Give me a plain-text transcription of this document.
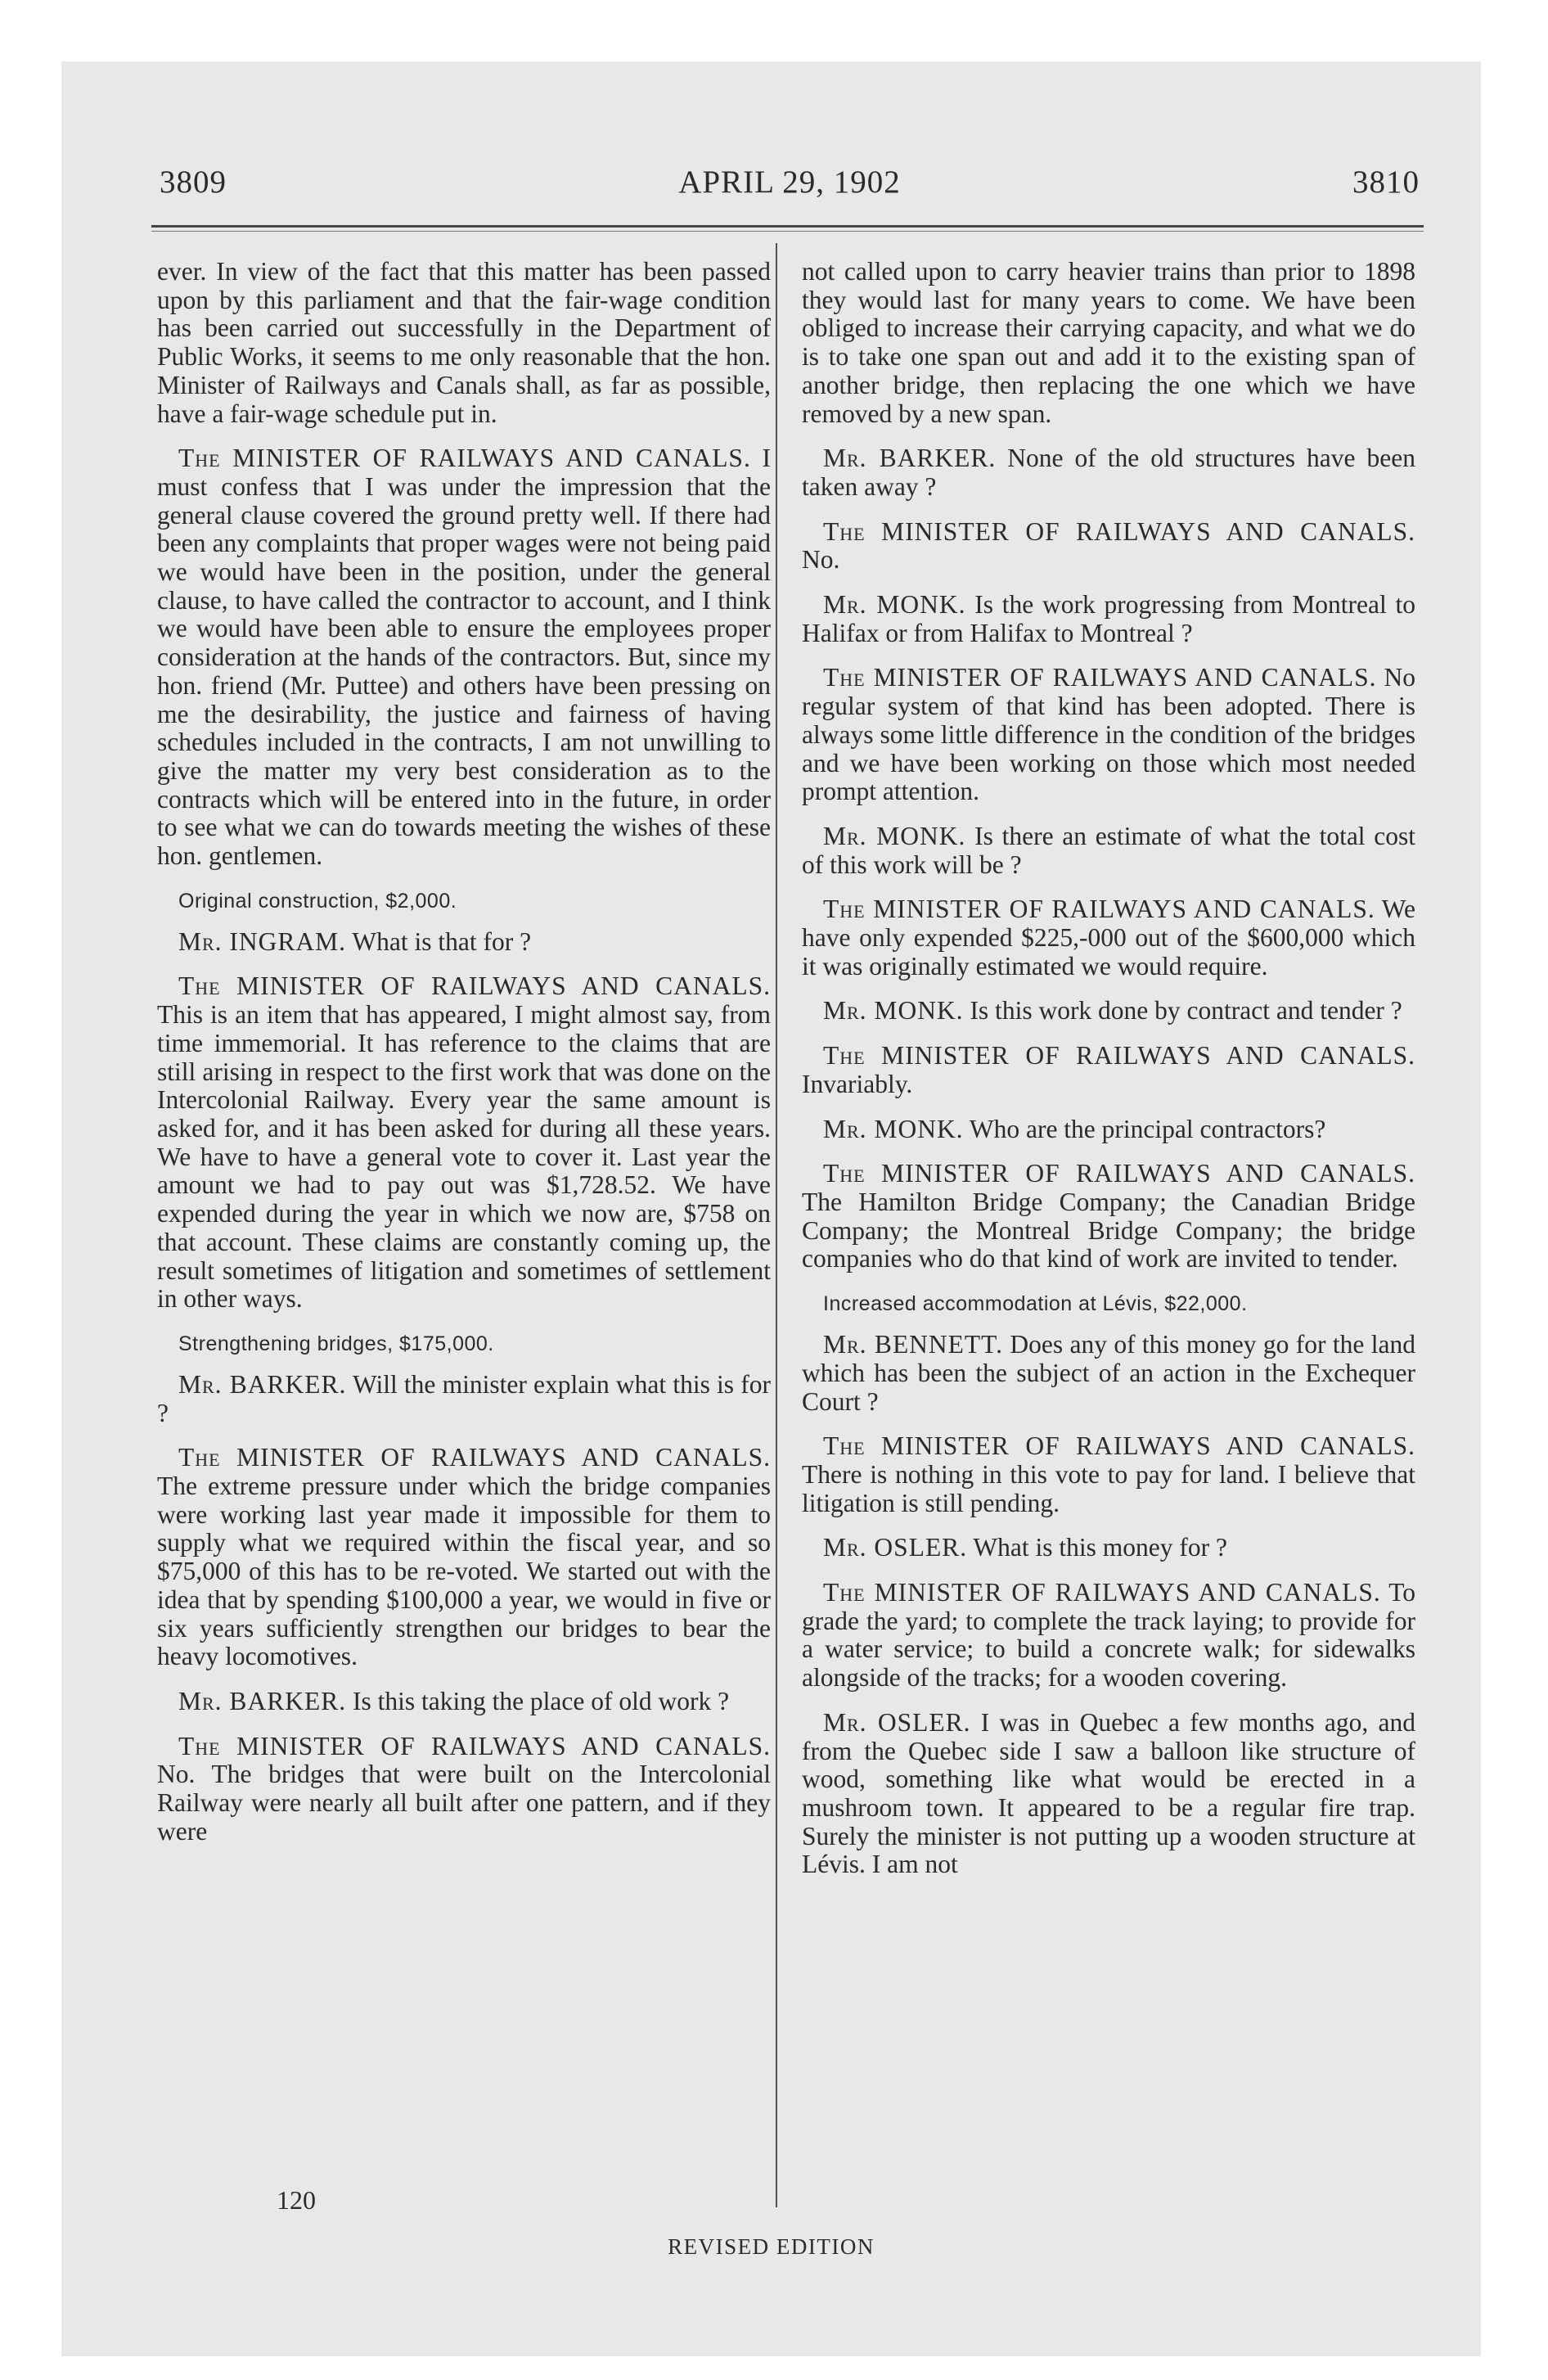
3809	APRIL 29, 1902	3810

ever. In view of the fact that this matter has been passed upon by this parliament and that the fair-wage condition has been carried out successfully in the Department of Public Works, it seems to me only reasonable that the hon. Minister of Railways and Canals shall, as far as possible, have a fair-wage schedule put in.

The MINISTER OF RAILWAYS AND CANALS. I must confess that I was under the impression that the general clause covered the ground pretty well. If there had been any complaints that proper wages were not being paid we would have been in the position, under the general clause, to have called the contractor to account, and I think we would have been able to ensure the employees proper consideration at the hands of the contractors. But, since my hon. friend (Mr. Puttee) and others have been pressing on me the desirability, the justice and fairness of having schedules included in the contracts, I am not unwilling to give the matter my very best consideration as to the contracts which will be entered into in the future, in order to see what we can do towards meeting the wishes of these hon. gentlemen.

Original construction, $2,000.

Mr. INGRAM. What is that for ?

The MINISTER OF RAILWAYS AND CANALS. This is an item that has appeared, I might almost say, from time immemorial. It has reference to the claims that are still arising in respect to the first work that was done on the Intercolonial Railway. Every year the same amount is asked for, and it has been asked for during all these years. We have to have a general vote to cover it. Last year the amount we had to pay out was $1,728.52. We have expended during the year in which we now are, $758 on that account. These claims are constantly coming up, the result sometimes of litigation and sometimes of settlement in other ways.

Strengthening bridges, $175,000.

Mr. BARKER. Will the minister explain what this is for ?

The MINISTER OF RAILWAYS AND CANALS. The extreme pressure under which the bridge companies were working last year made it impossible for them to supply what we required within the fiscal year, and so $75,000 of this has to be re-voted. We started out with the idea that by spending $100,000 a year, we would in five or six years sufficiently strengthen our bridges to bear the heavy locomotives.

Mr. BARKER. Is this taking the place of old work ?

The MINISTER OF RAILWAYS AND CANALS. No. The bridges that were built on the Intercolonial Railway were nearly all built after one pattern, and if they were

not called upon to carry heavier trains than prior to 1898 they would last for many years to come. We have been obliged to increase their carrying capacity, and what we do is to take one span out and add it to the existing span of another bridge, then replacing the one which we have removed by a new span.

Mr. BARKER. None of the old structures have been taken away ?

The MINISTER OF RAILWAYS AND CANALS. No.

Mr. MONK. Is the work progressing from Montreal to Halifax or from Halifax to Montreal ?

The MINISTER OF RAILWAYS AND CANALS. No regular system of that kind has been adopted. There is always some little difference in the condition of the bridges and we have been working on those which most needed prompt attention.

Mr. MONK. Is there an estimate of what the total cost of this work will be ?

The MINISTER OF RAILWAYS AND CANALS. We have only expended $225,-000 out of the $600,000 which it was originally estimated we would require.

Mr. MONK. Is this work done by contract and tender ?

The MINISTER OF RAILWAYS AND CANALS. Invariably.

Mr. MONK. Who are the principal contractors?

The MINISTER OF RAILWAYS AND CANALS. The Hamilton Bridge Company; the Canadian Bridge Company; the Montreal Bridge Company; the bridge companies who do that kind of work are invited to tender.

Increased accommodation at Lévis, $22,000.

Mr. BENNETT. Does any of this money go for the land which has been the subject of an action in the Exchequer Court ?

The MINISTER OF RAILWAYS AND CANALS. There is nothing in this vote to pay for land. I believe that litigation is still pending.

Mr. OSLER. What is this money for ?

The MINISTER OF RAILWAYS AND CANALS. To grade the yard; to complete the track laying; to provide for a water service; to build a concrete walk; for sidewalks alongside of the tracks; for a wooden covering.

Mr. OSLER. I was in Quebec a few months ago, and from the Quebec side I saw a balloon like structure of wood, something like what would be erected in a mushroom town. It appeared to be a regular fire trap. Surely the minister is not putting up a wooden structure at Lévis. I am not

120
REVISED EDITION
